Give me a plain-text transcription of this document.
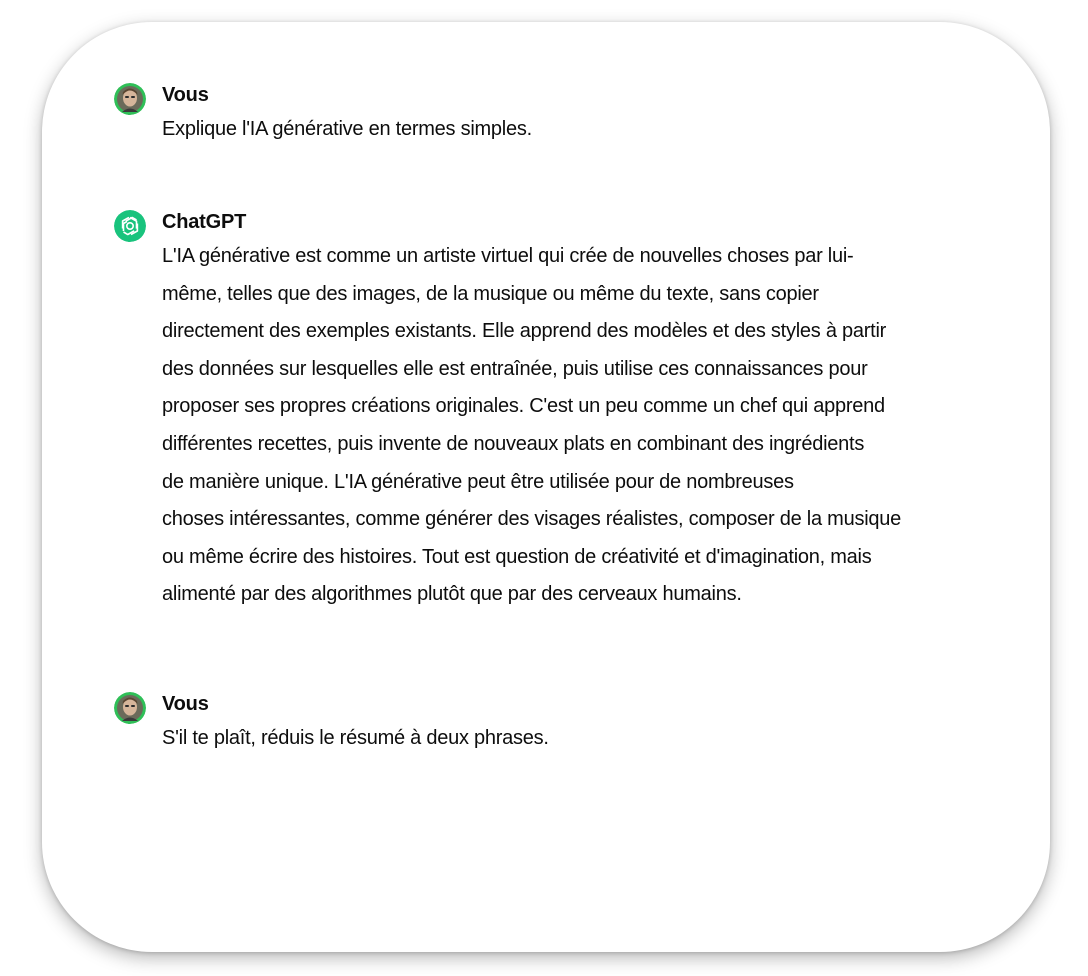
Vous
Explique l'IA générative en termes simples.
ChatGPT
L'IA générative est comme un artiste virtuel qui crée de nouvelles choses par lui-
même, telles que des images, de la musique ou même du texte, sans copier
directement des exemples existants. Elle apprend des modèles et des styles à partir
des données sur lesquelles elle est entraînée, puis utilise ces connaissances pour
proposer ses propres créations originales. C'est un peu comme un chef qui apprend
différentes recettes, puis invente de nouveaux plats en combinant des ingrédients
de manière unique. L'IA générative peut être utilisée pour de nombreuses
choses intéressantes, comme générer des visages réalistes, composer de la musique
ou même écrire des histoires. Tout est question de créativité et d'imagination, mais
alimenté par des algorithmes plutôt que par des cerveaux humains.
Vous
S'il te plaît, réduis le résumé à deux phrases.
